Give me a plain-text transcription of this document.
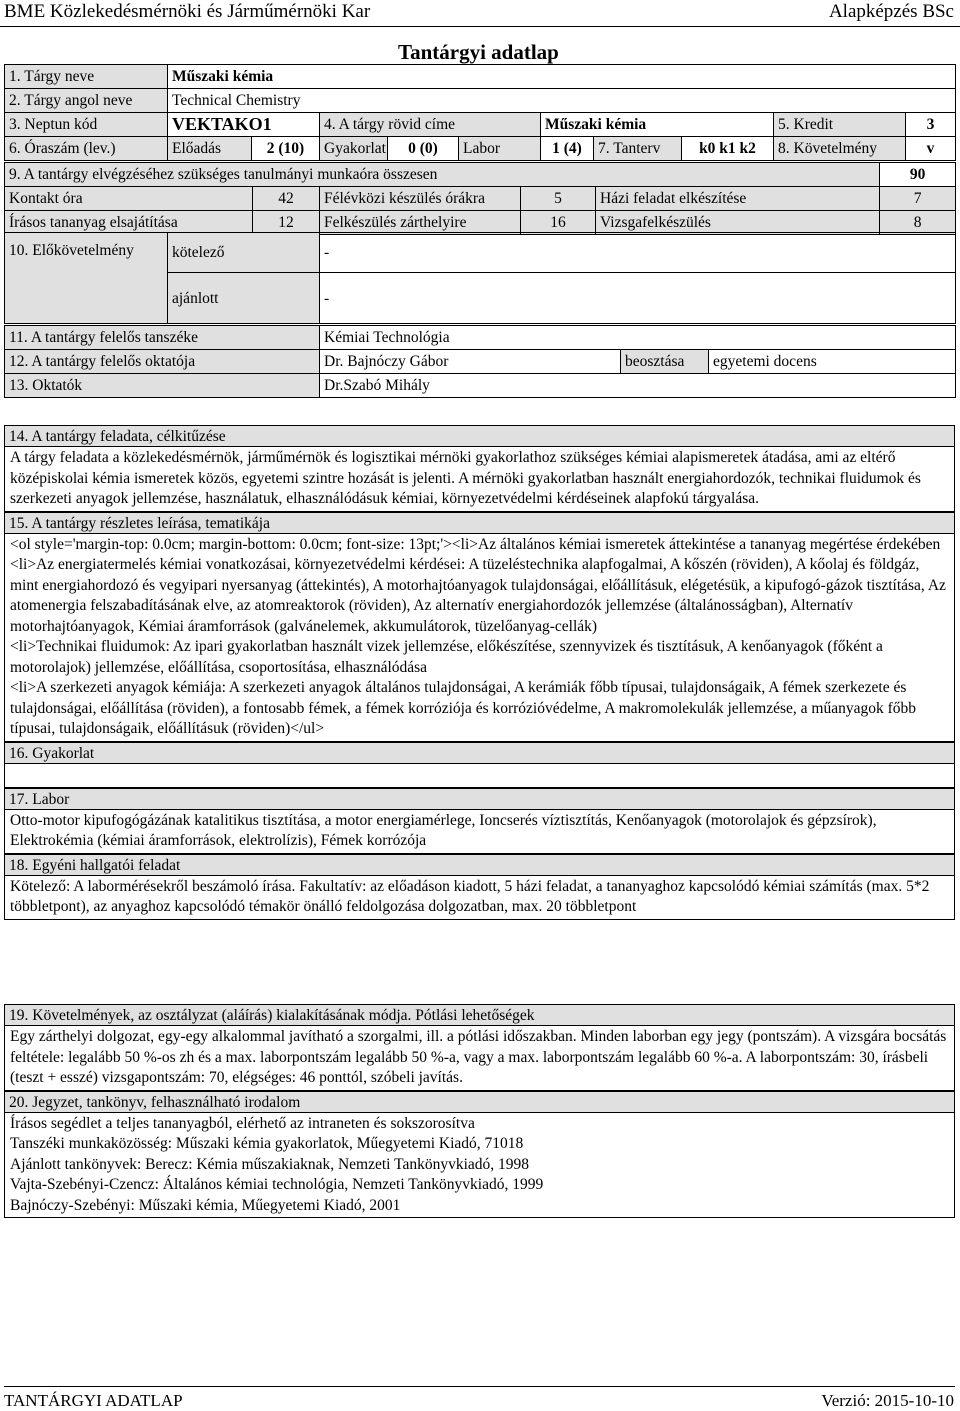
BME Közlekedésmérnöki és Járműmérnöki Kar	Alapképzés BSc
Tantárgyi adatlap
1. Tárgy neve	Műszaki kémia									
2. Tárgy angol neve	Technical Chemistry									
3. Neptun kód	VEKTAKO1		4. A tárgy rövid címe			Műszaki kémia			5. Kredit	3
6. Óraszám (lev.)	Előadás	2 (10)	Gyakorlat	0 (0)	Labor	1 (4)	7. Tanterv	k0 k1 k2	8. Követelmény	v
9. A tantárgy elvégzéséhez szükséges tanulmányi munkaóra összesen					90
Kontakt óra	42	Félévközi készülés órákra	5	Házi feladat elkészítése	7
Írásos tananyag elsajátítása	12	Felkészülés zárthelyire	16	Vizsgafelkészülés	8
10. Előkövetelmény	kötelező	-
	ajánlott	-
11. A tantárgy felelős tanszéke	Kémiai Technológia		
12. A tantárgy felelős oktatója	Dr. Bajnóczy Gábor	beosztása	egyetemi docens
13. Oktatók	Dr.Szabó Mihály		
14. A tantárgy feladata, célkitűzése

A tárgy feladata a közlekedésmérnök, járműmérnök és logisztikai mérnöki gyakorlathoz szükséges kémiai alapismeretek átadása, ami az eltérő középiskolai kémia ismeretek közös, egyetemi szintre hozását is jelenti. A mérnöki gyakorlatban használt energiahordozók, technikai fluidumok és szerkezeti anyagok jellemzése, használatuk, elhasználódásuk kémiai, környezetvédelmi kérdéseinek alapfokú tárgyalása.

15. A tantárgy részletes leírása, tematikája

<ol style='margin-top: 0.0cm; margin-bottom: 0.0cm; font-size: 13pt;'><li>Az általános kémiai ismeretek áttekintése a tananyag megértése érdekében

<li>Az energiatermelés kémiai vonatkozásai, környezetvédelmi kérdései: A tüzeléstechnika alapfogalmai, A kőszén (röviden), A kőolaj és földgáz, mint energiahordozó és vegyipari nyersanyag (áttekintés), A motorhajtóanyagok tulajdonságai, előállításuk, elégetésük, a kipufogó-gázok tisztítása, Az atomenergia felszabadításának elve, az atomreaktorok (röviden), Az alternatív energiahordozók jellemzése (általánosságban), Alternatív motorhajtóanyagok, Kémiai áramforrások (galvánelemek, akkumulátorok, tüzelőanyag-cellák)

<li>Technikai fluidumok: Az ipari gyakorlatban használt vizek jellemzése, előkészítése, szennyvizek és tisztításuk, A kenőanyagok (főként a motorolajok) jellemzése, előállítása, csoportosítása, elhasználódása

<li>A szerkezeti anyagok kémiája: A szerkezeti anyagok általános tulajdonságai, A kerámiák főbb típusai, tulajdonságaik, A fémek szerkezete és tulajdonságai, előállítása (röviden), a fontosabb fémek, a fémek korróziója és korrózióvédelme, A makromolekulák jellemzése, a műanyagok főbb típusai, tulajdonságaik, előállításuk (röviden)</ul>

16. Gyakorlat
17. Labor

Otto-motor kipufogógázának katalitikus tisztítása, a motor energiamérlege, Ioncserés víztisztítás, Kenőanyagok (motorolajok és gépzsírok), Elektrokémia (kémiai áramforrások, elektrolízis), Fémek korrózója

18. Egyéni hallgatói feladat

Kötelező: A labormérésekről beszámoló írása. Fakultatív: az előadáson kiadott, 5 házi feladat, a tananyaghoz kapcsolódó kémiai számítás (max. 5*2 többletpont), az anyaghoz kapcsolódó témakör önálló feldolgozása dolgozatban, max. 20 többletpont

19. Követelmények, az osztályzat (aláírás) kialakításának módja. Pótlási lehetőségek

Egy zárthelyi dolgozat, egy-egy alkalommal javítható a szorgalmi, ill. a pótlási időszakban. Minden laborban egy jegy (pontszám). A vizsgára bocsátás feltétele: legalább 50 %-os zh és a max. laborpontszám legalább 50 %-a, vagy a max. laborpontszám legalább 60 %-a. A laborpontszám: 30, írásbeli (teszt + esszé) vizsgapontszám: 70, elégséges: 46 ponttól, szóbeli javítás.

20. Jegyzet, tankönyv, felhasználható irodalom

Írásos segédlet a teljes tananyagból, elérhető az intraneten és sokszorosítva

Tanszéki munkaközösség: Műszaki kémia gyakorlatok, Műegyetemi Kiadó, 71018

Ajánlott tankönyvek: Berecz: Kémia műszakiaknak, Nemzeti Tankönyvkiadó, 1998

Vajta-Szebényi-Czencz: Általános kémiai technológia, Nemzeti Tankönyvkiadó, 1999

Bajnóczy-Szebényi: Műszaki kémia, Műegyetemi Kiadó, 2001

TANTÁRGYI ADATLAP	Verzió: 2015-10-10
